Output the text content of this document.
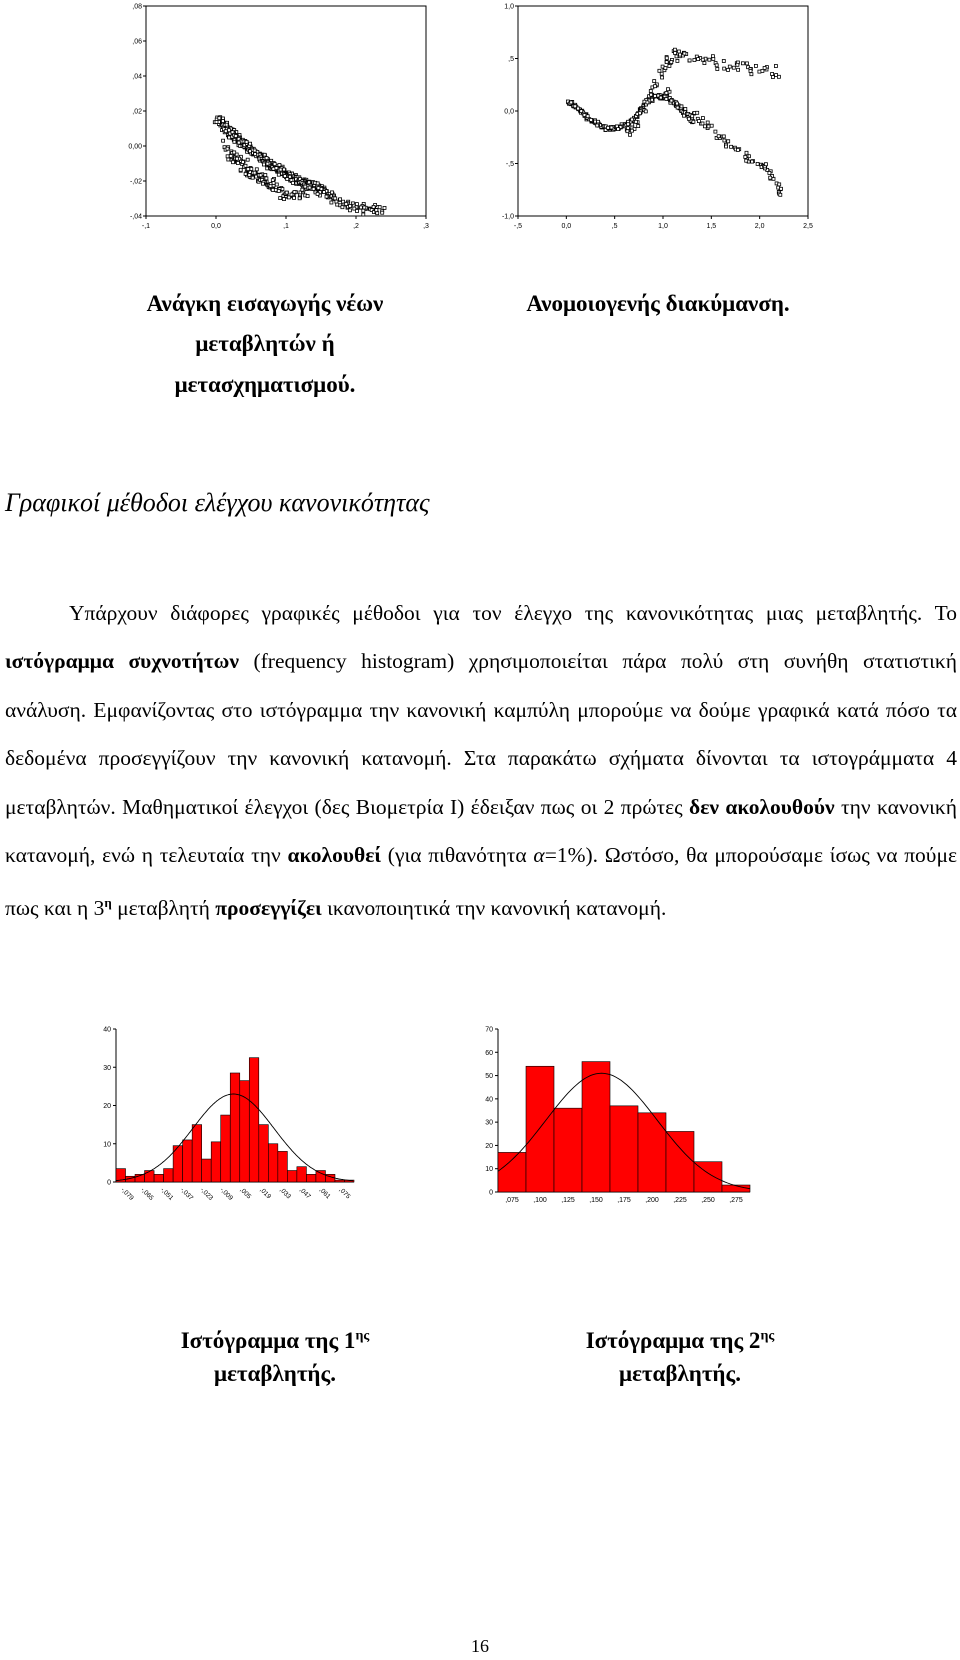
-,1	0,0	,1	,2	,3
-,04
-,02
0,00
,02
,04
,06
,08
-,5	0,0	,5	1,0	1,5	2,0	2,5
-1,0
-,5
0,0
,5
1,0
Ανάγκη εισαγωγής νέων
μεταβλητών ή
μετασχηματισμού.
Ανομοιογενής διακύμανση.
Γραφικοί μέθοδοι ελέγχου κανονικότητας

Υπάρχουν διάφορες γραφικές μέθοδοι για τον έλεγχο της κανονικότητας μιας μεταβλητής. Το ιστόγραμμα συχνοτήτων (frequency histogram) χρησιμοποιείται πάρα πολύ στη συνήθη στατιστική ανάλυση. Εμφανίζοντας στο ιστόγραμμα την κανονική καμπύλη μπορούμε να δούμε γραφικά κατά πόσο τα δεδομένα προσεγγίζουν την κανονική κατανομή. Στα παρακάτω σχήματα δίνονται τα ιστογράμματα 4 μεταβλητών. Μαθηματικοί έλεγχοι (δες Βιομετρία Ι) έδειξαν πως οι 2 πρώτες δεν ακολουθούν την κανονική κατανομή, ενώ η τελευταία την ακολουθεί (για πιθανότητα α=1%). Ωστόσο, θα μπορούσαμε ίσως να πούμε πως και η $3^\eta$ μεταβλητή προσεγγίζει ικανοποιητικά την κανονική κατανομή.

0
10
20
30
40
-,079 -,065 -,051 -,037 -,023 -,009 ,005 ,019 ,033 ,047 ,061 ,075	0
10
20
30
40
50
60
70
,075 ,100 ,125 ,150 ,175 ,200 ,225 ,250 ,275
Ιστόγραμμα της $1^{\eta\varsigma}$
μεταβλητής.
Ιστόγραμμα της $2^{\eta\varsigma}$
μεταβλητής.
16
